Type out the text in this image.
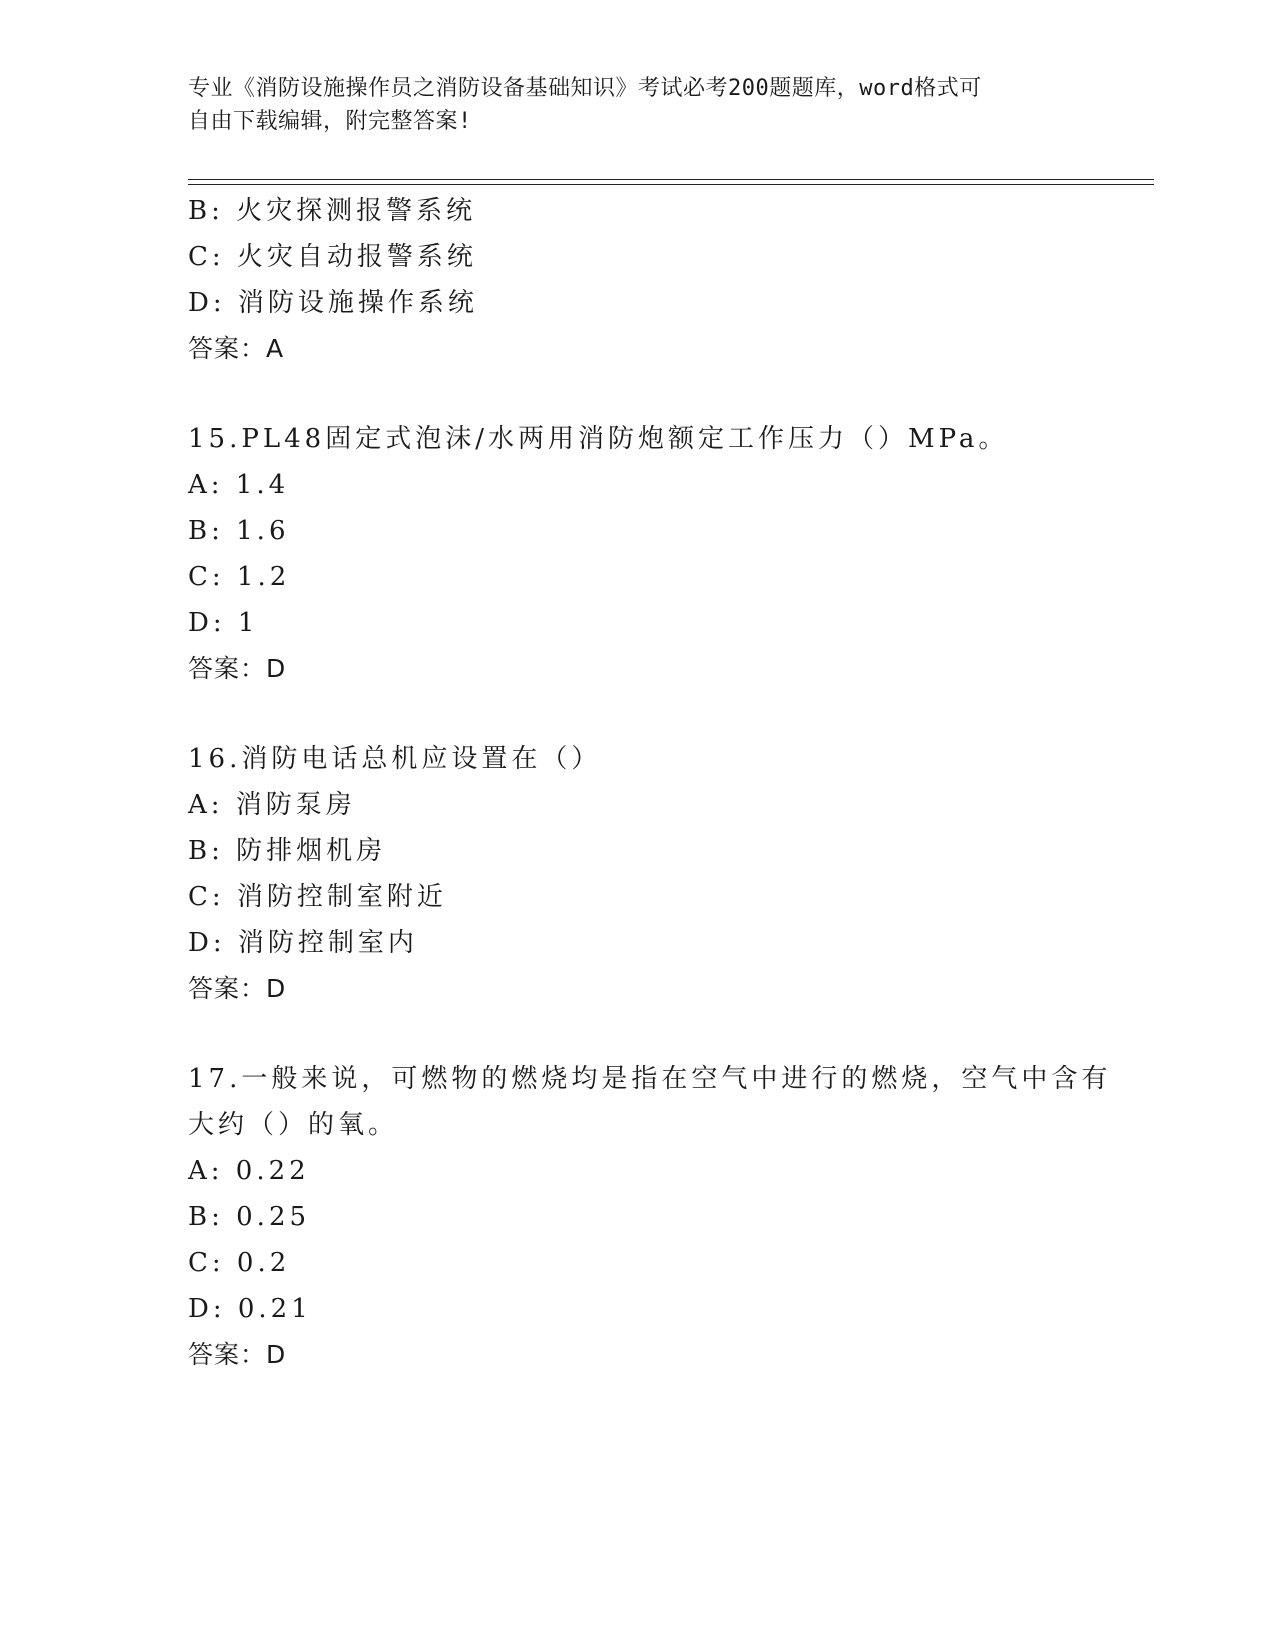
专业《消防设施操作员之消防设备基础知识》考试必考200题题库，word格式可
自由下载编辑，附完整答案!
B: 火灾探测报警系统
C: 火灾自动报警系统
D: 消防设施操作系统
答案：A
15.PL48固定式泡沫/水两用消防炮额定工作压力（）MPa。
A: 1.4
B: 1.6
C: 1.2
D: 1
答案：D
16.消防电话总机应设置在（）
A: 消防泵房
B: 防排烟机房
C: 消防控制室附近
D: 消防控制室内
答案：D
17.一般来说，可燃物的燃烧均是指在空气中进行的燃烧，空气中含有
大约（）的氧。
A: 0.22
B: 0.25
C: 0.2
D: 0.21
答案：D
